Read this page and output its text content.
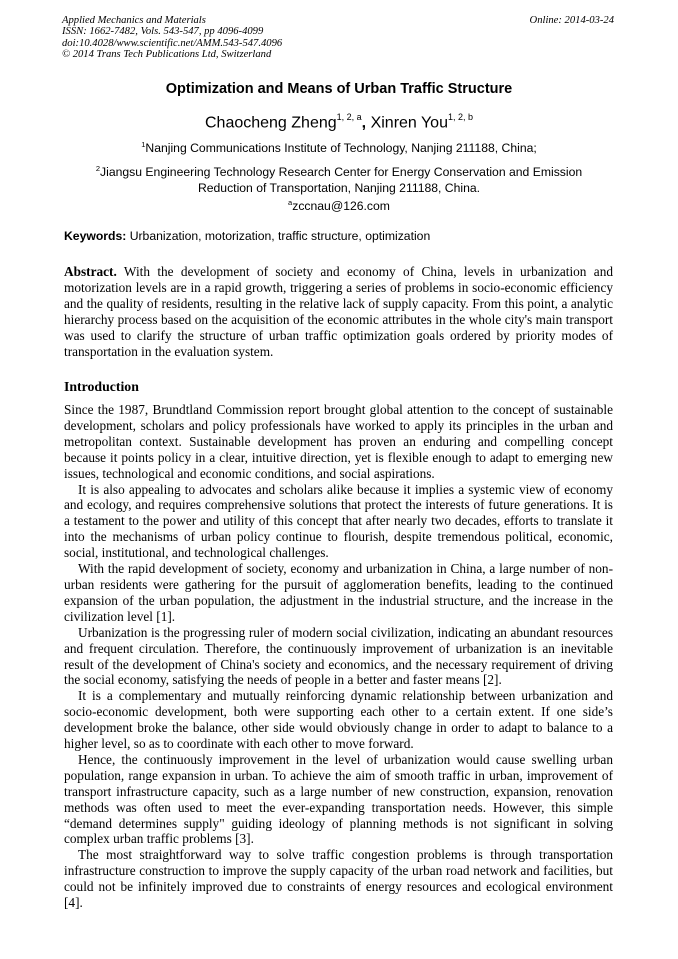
Applied Mechanics and Materials
ISSN: 1662-7482, Vols. 543-547, pp 4096-4099
doi:10.4028/www.scientific.net/AMM.543-547.4096
© 2014 Trans Tech Publications Ltd, Switzerland
Online: 2014-03-24
Optimization and Means of Urban Traffic Structure
Chaocheng Zheng$^{1, 2, a}$, Xinren You$^{1, 2, b}$
$^1$Nanjing Communications Institute of Technology, Nanjing 211188, China;
$^2$Jiangsu Engineering Technology Research Center for Energy Conservation and Emission
Reduction of Transportation, Nanjing 211188, China.
$^a$zccnau@126.com
Keywords: Urbanization, motorization, traffic structure, optimization
Abstract. With the development of society and economy of China, levels in urbanization and motorization levels are in a rapid growth, triggering a series of problems in socio-economic efficiency and the quality of residents, resulting in the relative lack of supply capacity. From this point, a analytic hierarchy process based on the acquisition of the economic attributes in the whole city's main transport was used to clarify the structure of urban traffic optimization goals ordered by priority modes of transportation in the evaluation system.
Introduction

Since the 1987, Brundtland Commission report brought global attention to the concept of sustainable development, scholars and policy professionals have worked to apply its principles in the urban and metropolitan context. Sustainable development has proven an enduring and compelling concept because it points policy in a clear, intuitive direction, yet is flexible enough to adapt to emerging new issues, technological and economic conditions, and social aspirations.

It is also appealing to advocates and scholars alike because it implies a systemic view of economy and ecology, and requires comprehensive solutions that protect the interests of future generations. It is a testament to the power and utility of this concept that after nearly two decades, efforts to translate it into the mechanisms of urban policy continue to flourish, despite tremendous political, economic, social, institutional, and technological challenges.

With the rapid development of society, economy and urbanization in China, a large number of non-urban residents were gathering for the pursuit of agglomeration benefits, leading to the continued expansion of the urban population, the adjustment in the industrial structure, and the increase in the civilization level [1].

Urbanization is the progressing ruler of modern social civilization, indicating an abundant resources and frequent circulation. Therefore, the continuously improvement of urbanization is an inevitable result of the development of China's society and economics, and the necessary requirement of driving the social economy, satisfying the needs of people in a better and faster means [2].

It is a complementary and mutually reinforcing dynamic relationship between urbanization and socio-economic development, both were supporting each other to a certain extent. If one side’s development broke the balance, other side would obviously change in order to adapt to balance to a higher level, so as to coordinate with each other to move forward.

Hence, the continuously improvement in the level of urbanization would cause swelling urban population, range expansion in urban. To achieve the aim of smooth traffic in urban, improvement of transport infrastructure capacity, such as a large number of new construction, expansion, renovation methods was often used to meet the ever-expanding transportation needs. However, this simple “demand determines supply" guiding ideology of planning methods is not significant in solving complex urban traffic problems [3].

The most straightforward way to solve traffic congestion problems is through transportation infrastructure construction to improve the supply capacity of the urban road network and facilities, but could not be infinitely improved due to constraints of energy resources and ecological environment [4].
